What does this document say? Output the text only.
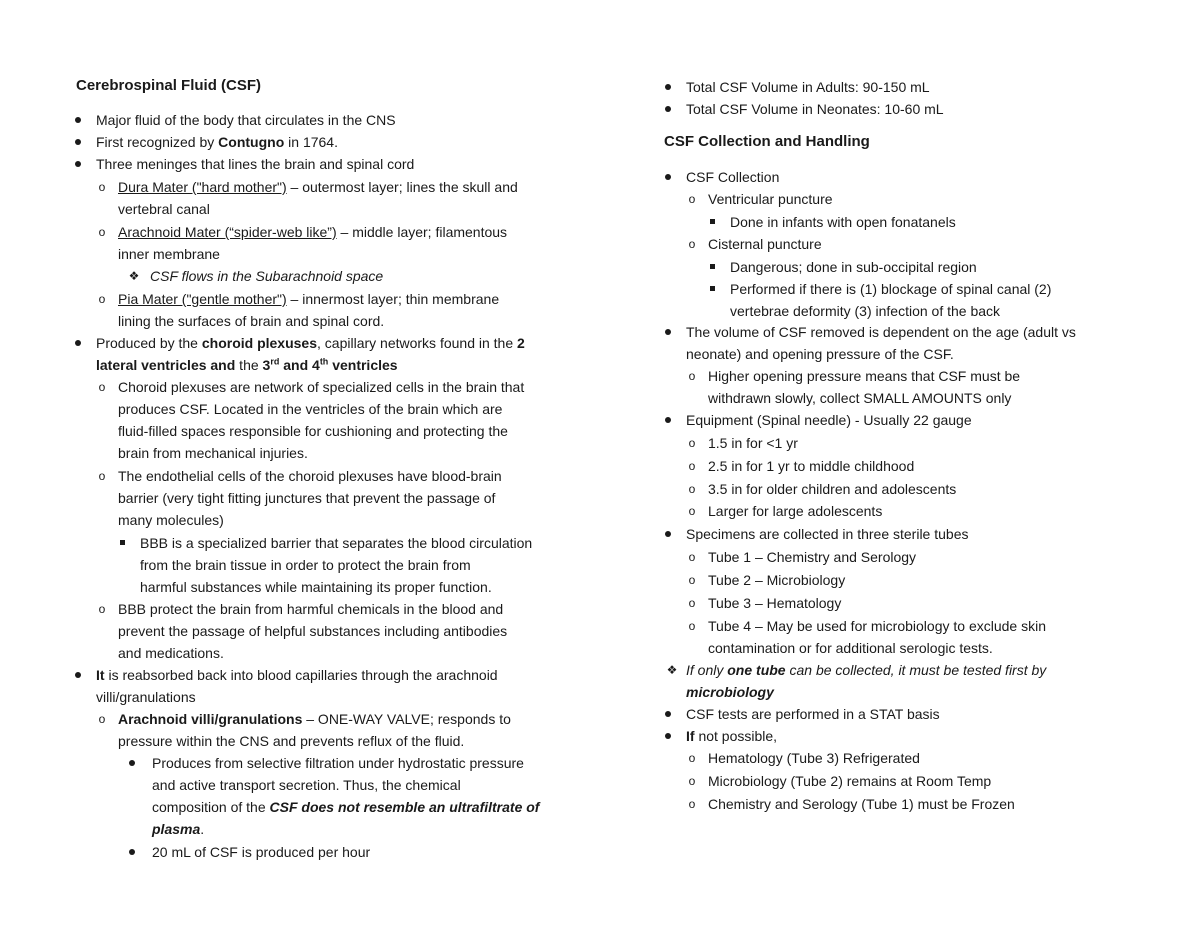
Cerebrospinal Fluid (CSF)
Major fluid of the body that circulates in the CNS
First recognized by Contugno in 1764.
Three meninges that lines the brain and spinal cord
o
Dura Mater ("hard mother") – outermost layer; lines the skull and
vertebral canal
o
Arachnoid Mater (“spider-web like”) – middle layer; filamentous
inner membrane
❖
CSF flows in the Subarachnoid space
o
Pia Mater ("gentle mother") – innermost layer; thin membrane
lining the surfaces of brain and spinal cord.
Produced by the choroid plexuses, capillary networks found in the 2
lateral ventricles and the 3rd and 4th ventricles
o
Choroid plexuses are network of specialized cells in the brain that
produces CSF. Located in the ventricles of the brain which are
fluid-filled spaces responsible for cushioning and protecting the
brain from mechanical injuries.
o
The endothelial cells of the choroid plexuses have blood-brain
barrier (very tight fitting junctures that prevent the passage of
many molecules)
BBB is a specialized barrier that separates the blood circulation
from the brain tissue in order to protect the brain from
harmful substances while maintaining its proper function.
o
BBB protect the brain from harmful chemicals in the blood and
prevent the passage of helpful substances including antibodies
and medications.
It is reabsorbed back into blood capillaries through the arachnoid
villi/granulations
o
Arachnoid villi/granulations – ONE-WAY VALVE; responds to
pressure within the CNS and prevents reflux of the fluid.
Produces from selective filtration under hydrostatic pressure
and active transport secretion. Thus, the chemical
composition of the CSF does not resemble an ultrafiltrate of
plasma.
20 mL of CSF is produced per hour
Total CSF Volume in Adults: 90-150 mL
Total CSF Volume in Neonates: 10-60 mL
CSF Collection and Handling
CSF Collection
o
Ventricular puncture
Done in infants with open fonatanels
o
Cisternal puncture
Dangerous; done in sub-occipital region
Performed if there is (1) blockage of spinal canal (2)
vertebrae deformity (3) infection of the back
The volume of CSF removed is dependent on the age (adult vs
neonate) and opening pressure of the CSF.
o
Higher opening pressure means that CSF must be
withdrawn slowly, collect SMALL AMOUNTS only
Equipment (Spinal needle) - Usually 22 gauge
o
1.5 in for <1 yr
o
2.5 in for 1 yr to middle childhood
o
3.5 in for older children and adolescents
o
Larger for large adolescents
Specimens are collected in three sterile tubes
o
Tube 1 – Chemistry and Serology
o
Tube 2 – Microbiology
o
Tube 3 – Hematology
o
Tube 4 – May be used for microbiology to exclude skin
contamination or for additional serologic tests.
❖
If only one tube can be collected, it must be tested first by
microbiology
CSF tests are performed in a STAT basis
If not possible,
o
Hematology (Tube 3) Refrigerated
o
Microbiology (Tube 2) remains at Room Temp
o
Chemistry and Serology (Tube 1) must be Frozen
